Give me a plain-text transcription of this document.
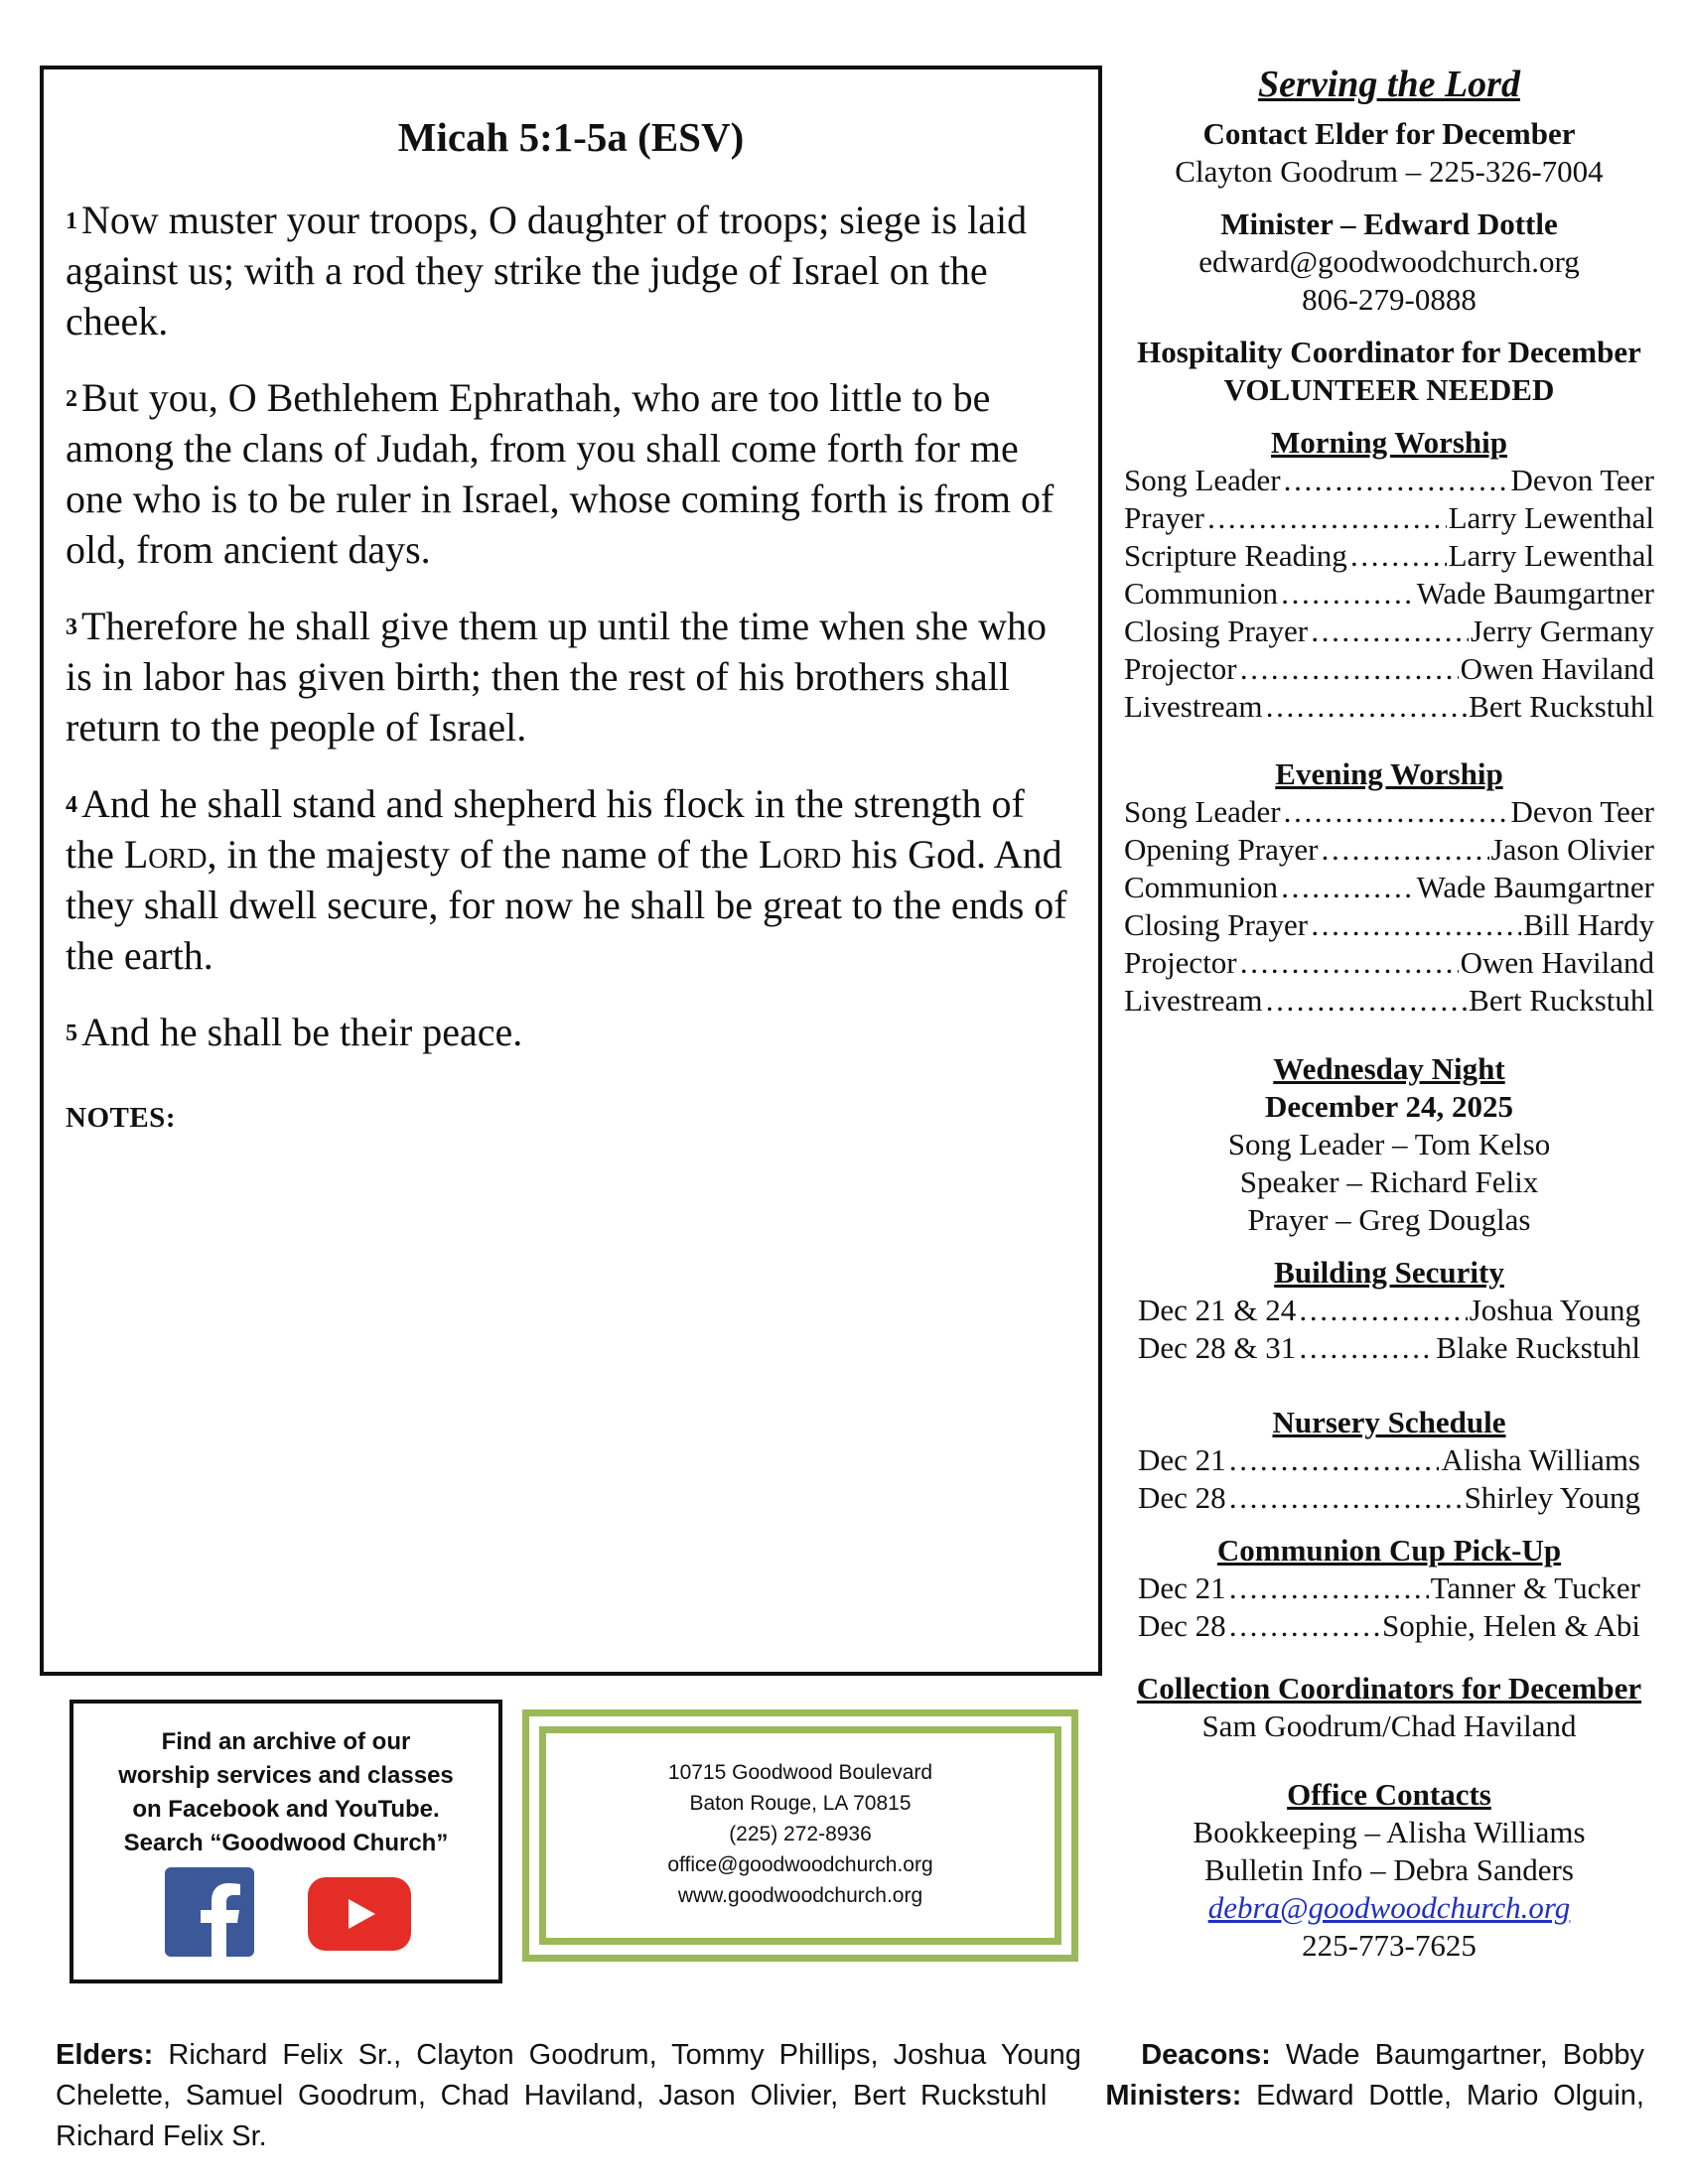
Micah 5:1-5a (ESV)

$^1$ Now muster your troops, O daughter of troops; siege is laid against us; with a rod they strike the judge of Israel on the cheek.

$^2$ But you, O Bethlehem Ephrathah, who are too little to be among the clans of Judah, from you shall come forth for me one who is to be ruler in Israel, whose coming forth is from of old, from ancient days.

$^3$ Therefore he shall give them up until the time when she who is in labor has given birth; then the rest of his brothers shall return to the people of Israel.

$^4$ And he shall stand and shepherd his flock in the strength of the Lord, in the majesty of the name of the Lord his God. And they shall dwell secure, for now he shall be great to the ends of the earth.

$^5$ And he shall be their peace.

NOTES:
Find an archive of our
worship services and classes
on Facebook and YouTube.
Search “Goodwood Church”
10715 Goodwood Boulevard
Baton Rouge, LA 70815
(225) 272-8936
office@goodwoodchurch.org
www.goodwoodchurch.org
Serving the Lord
Contact Elder for December
Clayton Goodrum – 225-326-7004
Minister – Edward Dottle
edward@goodwoodchurch.org
806-279-0888
Hospitality Coordinator for December
VOLUNTEER NEEDED
Morning Worship
Song Leader …………………………………………………………………………	Devon Teer
Prayer …………………………………………………………………………	Larry Lewenthal
Scripture Reading …………………………………………………………………………	Larry Lewenthal
Communion …………………………………………………………………………	Wade Baumgartner
Closing Prayer …………………………………………………………………………	Jerry Germany
Projector …………………………………………………………………………	Owen Haviland
Livestream …………………………………………………………………………	Bert Ruckstuhl
Evening Worship
Song Leader …………………………………………………………………………	Devon Teer
Opening Prayer …………………………………………………………………………	Jason Olivier
Communion …………………………………………………………………………	Wade Baumgartner
Closing Prayer …………………………………………………………………………	Bill Hardy
Projector …………………………………………………………………………	Owen Haviland
Livestream …………………………………………………………………………	Bert Ruckstuhl
Wednesday Night
December 24, 2025
Song Leader – Tom Kelso
Speaker – Richard Felix
Prayer – Greg Douglas
Building Security
Dec 21 & 24 …………………………………………………………………………	Joshua Young
Dec 28 & 31 …………………………………………………………………………	Blake Ruckstuhl
Nursery Schedule
Dec 21 …………………………………………………………………………	Alisha Williams
Dec 28 …………………………………………………………………………	Shirley Young
Communion Cup Pick-Up
Dec 21 …………………………………………………………………………	Tanner & Tucker
Dec 28 …………………………………………………………………………	Sophie, Helen & Abi
Collection Coordinators for December
Sam Goodrum/Chad Haviland
Office Contacts
Bookkeeping – Alisha Williams
Bulletin Info – Debra Sanders
debra@goodwoodchurch.org
225-773-7625
Elders: Richard Felix Sr., Clayton Goodrum, Tommy Phillips, Joshua Young    Deacons: Wade Baumgartner, Bobby Chelette, Samuel Goodrum, Chad Haviland, Jason Olivier, Bert Ruckstuhl    Ministers: Edward Dottle, Mario Olguin, Richard Felix Sr.
